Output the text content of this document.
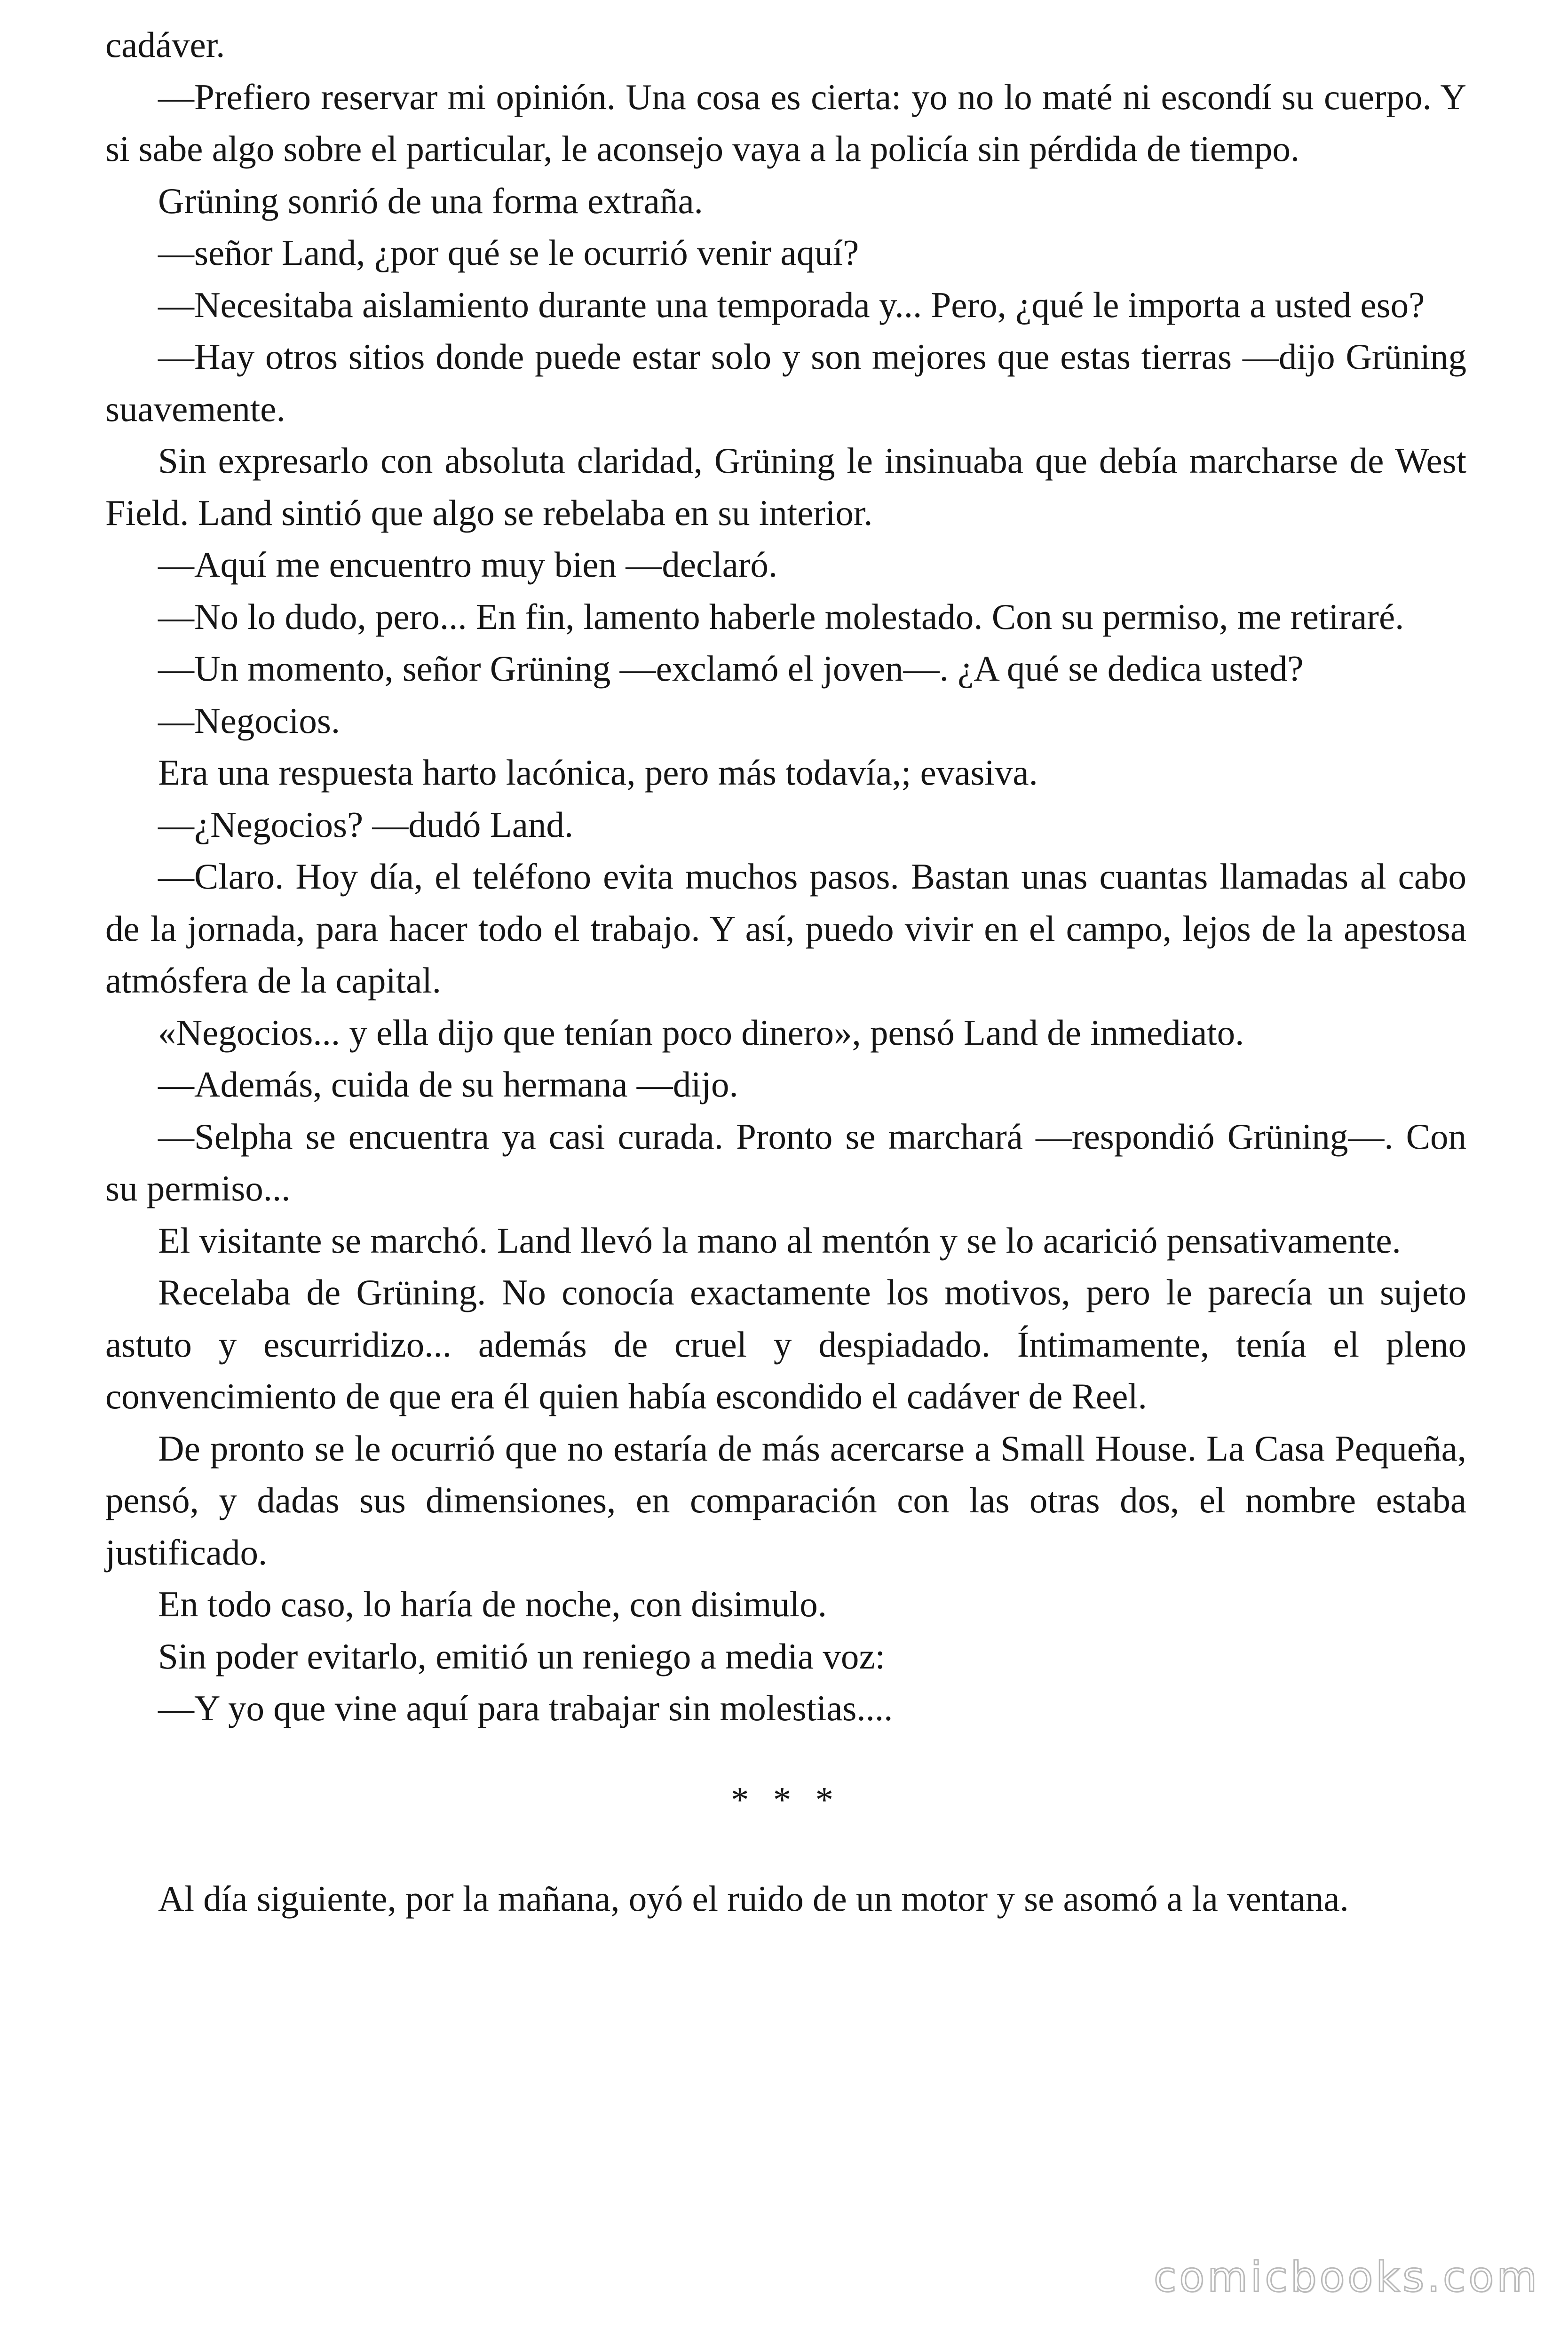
cadáver.

—Prefiero reservar mi opinión. Una cosa es cierta: yo no lo maté ni escondí su cuerpo. Y si sabe algo sobre el particular, le aconsejo vaya a la policía sin pérdida de tiempo.

Grüning sonrió de una forma extraña.

—señor Land, ¿por qué se le ocurrió venir aquí?

—Necesitaba aislamiento durante una temporada y... Pero, ¿qué le importa a usted eso?

—Hay otros sitios donde puede estar solo y son mejores que estas tierras —dijo Grüning suavemente.

Sin expresarlo con absoluta claridad, Grüning le insinuaba que debía marcharse de West Field. Land sintió que algo se rebelaba en su interior.

—Aquí me encuentro muy bien —declaró.

—No lo dudo, pero... En fin, lamento haberle molestado. Con su permiso, me retiraré.

—Un momento, señor Grüning —exclamó el joven—. ¿A qué se dedica usted?

—Negocios.

Era una respuesta harto lacónica, pero más todavía,; evasiva.

—¿Negocios? —dudó Land.

—Claro. Hoy día, el teléfono evita muchos pasos. Bastan unas cuantas llamadas al cabo de la jornada, para hacer todo el trabajo. Y así, puedo vivir en el campo, lejos de la apestosa atmósfera de la capital.

«Negocios... y ella dijo que tenían poco dinero», pensó Land de inmediato.

—Además, cuida de su hermana —dijo.

—Selpha se encuentra ya casi curada. Pronto se marchará —respondió Grüning—. Con su permiso...

El visitante se marchó. Land llevó la mano al mentón y se lo acarició pensativamente.

Recelaba de Grüning. No conocía exactamente los motivos, pero le parecía un sujeto astuto y escurridizo... además de cruel y despiadado. Íntimamente, tenía el pleno convencimiento de que era él quien había escondido el cadáver de Reel.

De pronto se le ocurrió que no estaría de más acercarse a Small House. La Casa Pequeña, pensó, y dadas sus dimensiones, en comparación con las otras dos, el nombre estaba justificado.

En todo caso, lo haría de noche, con disimulo.

Sin poder evitarlo, emitió un reniego a media voz:

—Y yo que vine aquí para trabajar sin molestias....

* * *

Al día siguiente, por la mañana, oyó el ruido de un motor y se asomó a la ventana.

comicbooks.com
